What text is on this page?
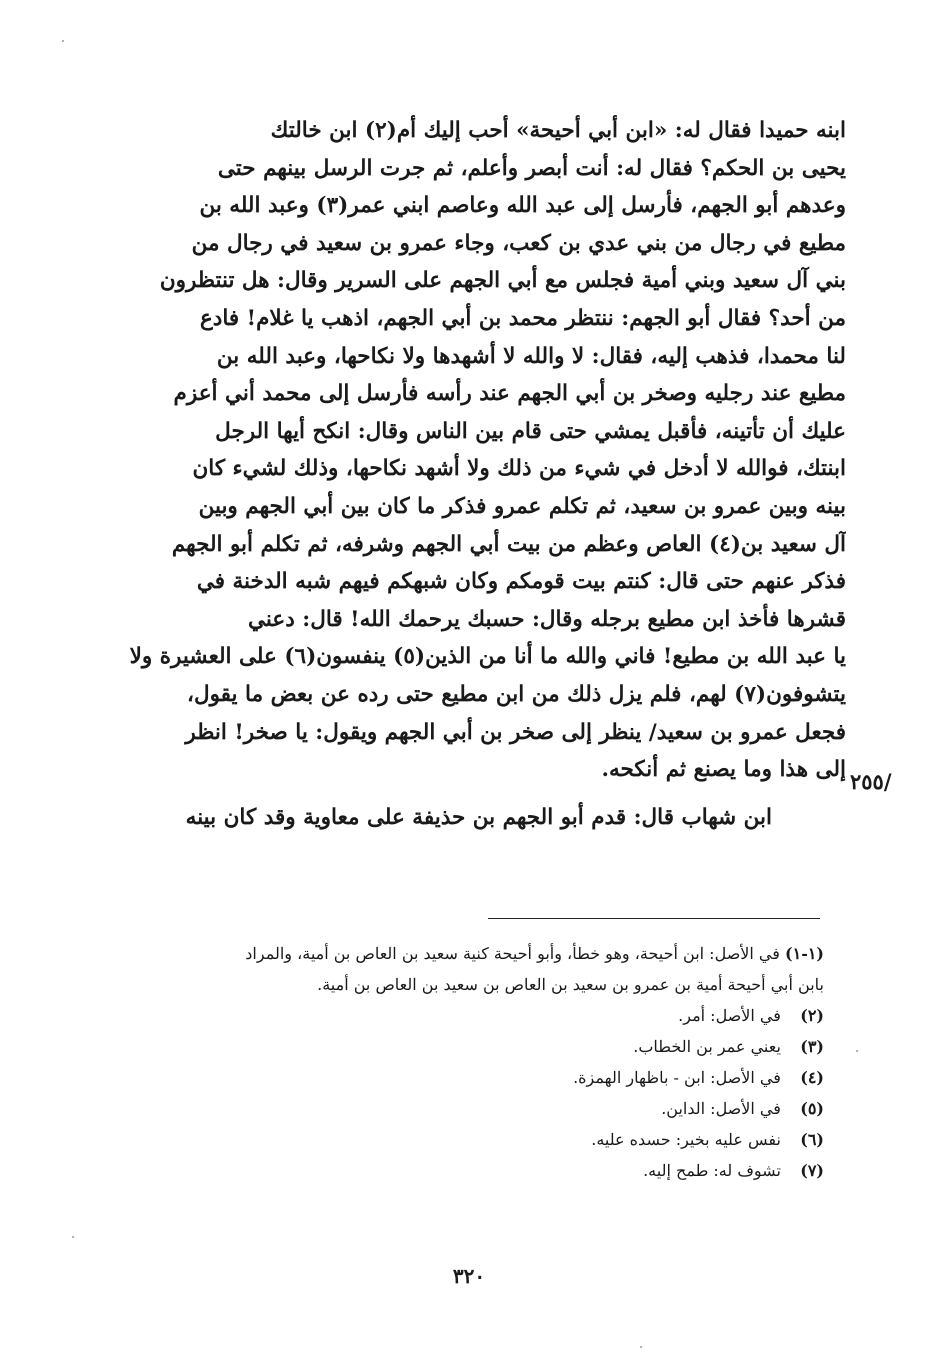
ابنه حميدا فقال له: «ابن أبي أحيحة» أحب إليك أم(٢) ابن خالتك
يحيى بن الحكم؟ فقال له: أنت أبصر وأعلم، ثم جرت الرسل بينهم حتى
وعدهم أبو الجهم، فأرسل إلى عبد الله وعاصم ابني عمر(٣) وعبد الله بن
مطيع في رجال من بني عدي بن كعب، وجاء عمرو بن سعيد في رجال من
بني آل سعيد وبني أمية فجلس مع أبي الجهم على السرير وقال: هل تنتظرون
من أحد؟ فقال أبو الجهم: ننتظر محمد بن أبي الجهم، اذهب يا غلام! فادع
لنا محمدا، فذهب إليه، فقال: لا والله لا أشهدها ولا نكاحها، وعبد الله بن
مطيع عند رجليه وصخر بن أبي الجهم عند رأسه فأرسل إلى محمد أني أعزم
عليك أن تأتينه، فأقبل يمشي حتى قام بين الناس وقال: انكح أيها الرجل
ابنتك، فوالله لا أدخل في شيء من ذلك ولا أشهد نكاحها، وذلك لشيء كان
بينه وبين عمرو بن سعيد، ثم تكلم عمرو فذكر ما كان بين أبي الجهم وبين
آل سعيد بن(٤) العاص وعظم من بيت أبي الجهم وشرفه، ثم تكلم أبو الجهم
فذكر عنهم حتى قال: كنتم بيت قومكم وكان شبهكم فيهم شبه الدخنة في
قشرها فأخذ ابن مطيع برجله وقال: حسبك يرحمك الله! قال: دعني
يا عبد الله بن مطيع! فاني والله ما أنا من الذين(٥) ينفسون(٦) على العشيرة ولا
يتشوفون(٧) لهم، فلم يزل ذلك من ابن مطيع حتى رده عن بعض ما يقول،
فجعل عمرو بن سعيد/ ينظر إلى صخر بن أبي الجهم ويقول: يا صخر! انظر
إلى هذا وما يصنع ثم أنكحه.
ابن شهاب قال: قدم أبو الجهم بن حذيفة على معاوية وقد كان بينه
/٢٥٥
(١-١) في الأصل: ابن أحيحة، وهو خطأ، وأبو أحيحة كنية سعيد بن العاص بن أمية، والمراد
بابن أبي أحيحة أمية بن عمرو بن سعيد بن العاص بن سعيد بن العاص بن أمية.
(٢) في الأصل: أمر.
(٣) يعني عمر بن الخطاب.
(٤) في الأصل: ابن - باظهار الهمزة.
(٥) في الأصل: الداين.
(٦) نفس عليه بخير: حسده عليه.
(٧) تشوف له: طمح إليه.
٣٢٠
